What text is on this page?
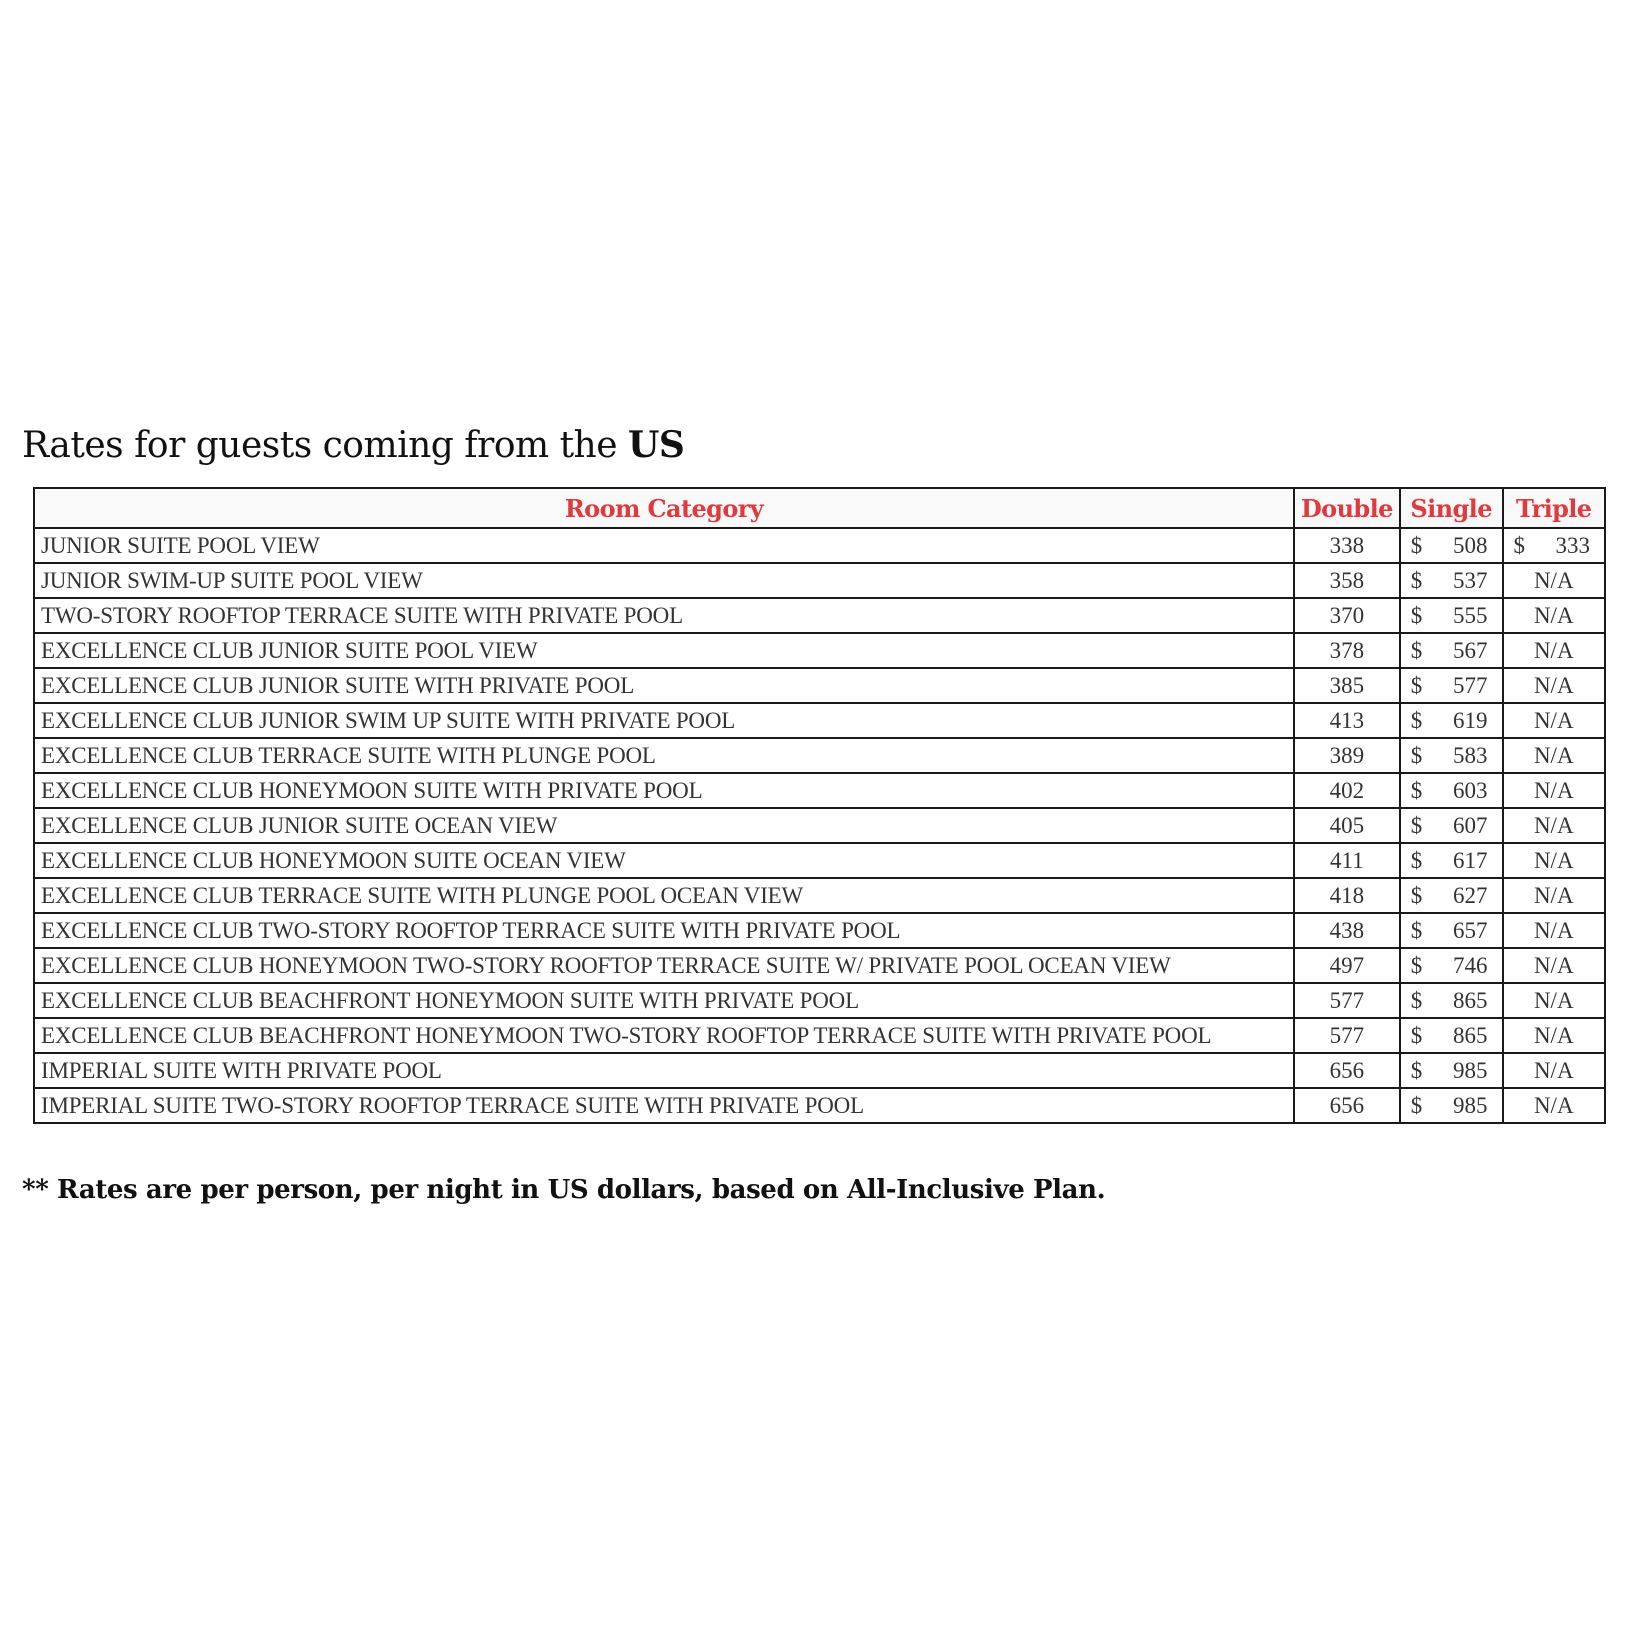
Rates for guests coming from the US
Room Category	Double	Single	Triple
JUNIOR SUITE POOL VIEW	338	$ 508	$ 333

JUNIOR SWIM-UP SUITE POOL VIEW	358	$ 537	N/A
TWO-STORY ROOFTOP TERRACE SUITE WITH PRIVATE POOL	370	$ 555	N/A
EXCELLENCE CLUB JUNIOR SUITE POOL VIEW	378	$ 567	N/A
EXCELLENCE CLUB JUNIOR SUITE WITH PRIVATE POOL	385	$ 577	N/A
EXCELLENCE CLUB JUNIOR SWIM UP SUITE WITH PRIVATE POOL	413	$ 619	N/A
EXCELLENCE CLUB TERRACE SUITE WITH PLUNGE POOL	389	$ 583	N/A
EXCELLENCE CLUB HONEYMOON SUITE WITH PRIVATE POOL	402	$ 603	N/A
EXCELLENCE CLUB JUNIOR SUITE OCEAN VIEW	405	$ 607	N/A
EXCELLENCE CLUB HONEYMOON SUITE OCEAN VIEW	411	$ 617	N/A
EXCELLENCE CLUB TERRACE SUITE WITH PLUNGE POOL OCEAN VIEW	418	$ 627	N/A
EXCELLENCE CLUB TWO-STORY ROOFTOP TERRACE SUITE WITH PRIVATE POOL	438	$ 657	N/A
EXCELLENCE CLUB HONEYMOON TWO-STORY ROOFTOP TERRACE SUITE W/ PRIVATE POOL OCEAN VIEW	497	$ 746	N/A
EXCELLENCE CLUB BEACHFRONT HONEYMOON SUITE WITH PRIVATE POOL	577	$ 865	N/A
EXCELLENCE CLUB BEACHFRONT HONEYMOON TWO-STORY ROOFTOP TERRACE SUITE WITH PRIVATE POOL	577	$ 865	N/A
IMPERIAL SUITE WITH PRIVATE POOL	656	$ 985	N/A
IMPERIAL SUITE TWO-STORY ROOFTOP TERRACE SUITE WITH PRIVATE POOL	656	$ 985	N/A
** Rates are per person, per night in US dollars, based on All-Inclusive Plan.
